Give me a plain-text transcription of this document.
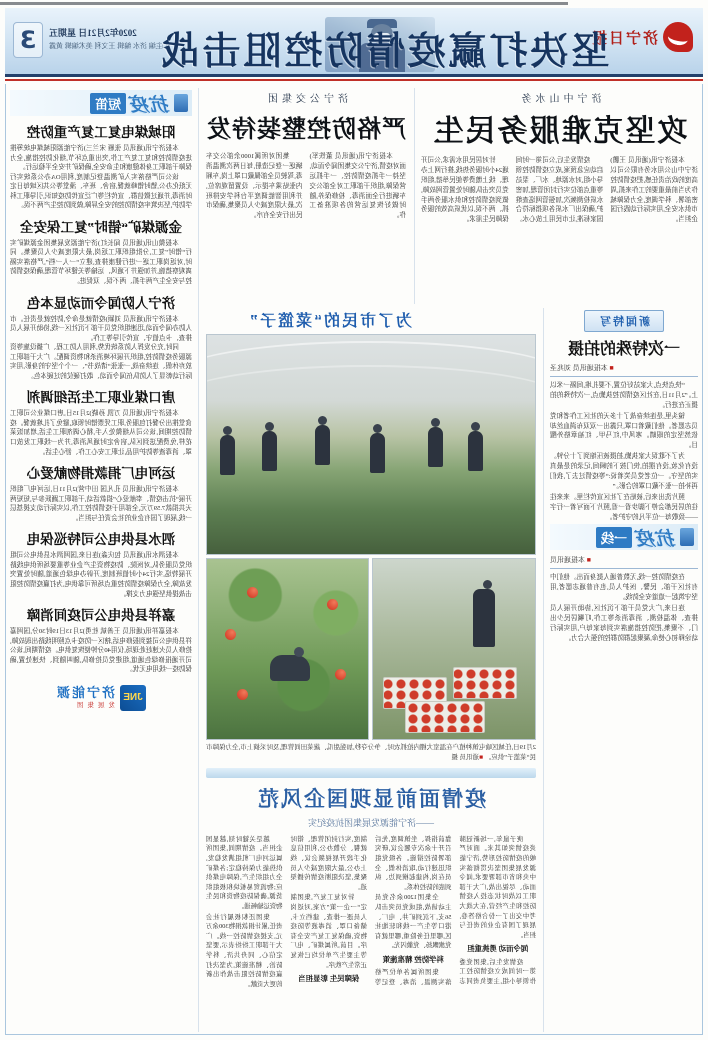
济宁日报
坚决打赢疫情防控阻击战
2020年2月21日 星期五
□主编 济水 编辑 王文利 美术编辑 黄露
3
济宁中山水务
攻坚克难服务民生

本报济宁讯(通讯员 王鹏)济宁中山公用水务有限公司以高度的政治责任感,把疫情防控作为当前最重要的工作来抓,周密部署、科学调度,全力保障城市供水安全,用实际行动践行国企担当。

疫情发生后,公司第一时间启动应急预案,成立疫情防控领导小组,对水源地、水厂、泵站等重点部位实行封闭管理,加密水质检测频次,加强管网巡查维护,确保出厂水质各项指标符合国家标准,让市民用上放心水。

针对居民用水需求,公司开通24小时服务热线,推行网上办理、线上缴费等便民举措,组织党员突击队随时处置管网故障,做到疫情防控和供水服务两手抓、两不误,以优质高效的服务保障民生需求。

济宁公交集团
严格防控整装待发

本报济宁讯(通讯员 董铁军)面对疫情,济宁公交集团闻令而动,坚持一手抓疫情防控、一手抓运营保障,组织干部职工对全部公交车辆进行全面消毒、检修保养,随时做好恢复运营的各项准备工作。

集团对所属1000余部公交车辆逐一登记造册,每日两次测温消毒,驾驶员全部佩戴口罩上岗,车厢内张贴乘车提示、设置留观席位,并利用智能调度平台科学安排班次,最大限度减少人员聚集,确保市民出行安全有序。

新闻特写
一次特殊的拍摄
■ 本报通讯员 刘兆圣

“快点快点,大家站好位置,不要扎堆,间隔一米以上。”2月11日,在社区疫情防控执勤点,一次特殊的拍摄正在进行。

镜头里,是连续奋战了十多天的社区工作者和党员志愿者。他们戴着口罩,只露出一双双布满血丝却依然坚定的眼睛。寒风中,红马甲、红袖章格外醒目。

为了不耽误大家执勤,拍摄被压缩到了十分钟。没有化妆,没有摆拍,快门按下的瞬间,记录的是最真实的坚守。一位老党员笑着说:“等疫情过去了,我们再补拍一张不戴口罩的合影。”

照片洗出来后,被贴在了社区宣传栏里。来来往往的居民都会停下脚步看一看,照片下面写着一行字——致敬每一位平凡的守护者。

抗疫
一线
■ 本报通讯员

在疫情防控一线,无数普通人挺身而出。他们中有社区干部、民警、医护人员,也有普通志愿者,用坚守筑起一道道安全防线。

连日来,广大党员干部下沉社区,协助开展人员排查、体温检测、消毒消杀等工作,叮嘱居民少出门、不聚集,把防控措施落实到每家每户,用实际行动诠释初心使命,凝聚起群防群控的强大合力。

为了市民的“菜篮子”
2月19日,任城区喻屯镇种植户在温室大棚内抢抓农时、争分夺秒,加强甜瓜、蔬菜田间管理,及时采摘上市,全力保障市民“菜篮子”供应。 ■通讯员 摄
疫情面前显现国企风范
——济宁能源发展集团抗疫纪实

庚子鼠年,一场新冠肺炎疫情突如其来。面对严峻的疫情防控形势,济宁能源发展集团坚决贯彻落实中央和省市部署要求,闻令而动、尽锐出战,广大干部职工以战时状态投入疫情防控和生产经营,在大战大考中交出了一份合格答卷,展现了国有企业的责任与担当。

闻令而动 勇挑重担

疫情发生后,集团党委第一时间成立疫情防控工作领导小组,主要负责同志靠前指挥、坐镇调度,先后召开十余次专题会议,研究部署防控措施。各级党组织迅速行动,取消休假、全员在岗,构建起横到边、纵到底的防控体系。

全集团1200余名党员主动请战,组成党员突击队56支,下沉到矿井、电厂、港口等生产一线和驻地社区,哪里任务险重,哪里就有党旗飘扬、党徽闪光。

科学防控 精准施策

集团所属各单位严格落实测温、消毒、登记等制度,实行封闭管理、错时就餐、分散办公,利用信息化手段开展视频会议、线上办公,最大限度减少人员聚集,坚决阻断疫情传播渠道。

针对复工复产,集团制定“一企一策”方案,对返岗人员逐一排查、建档立卡,储备口罩、消毒液等防疫物资,确保复工复产安全有序。目前,所属煤矿、电厂等主要生产单位均已恢复正常生产秩序。

保障民生 彰显担当

越是关键时刻,越显国企担当。疫情期间,集团所属运河电厂机组满发稳发,供热能力保持稳定;各煤矿全力组织生产,保障电煤供应;物流贸易板块积极组织货源,确保防疫物资和民生物资运输畅通。

集团还积极履行社会责任,累计捐款捐物300余万元,支援疫情防控一线。广大干部职工纷纷表示,要坚定信心、同舟共济、科学防治、精准施策,为坚决打赢疫情防控阻击战作出新的更大贡献。

抗疫
短笛
阳城煤电复工复产重防控

本报济宁讯(通讯员 张雁 宋兰三)济宁能源阳城煤电统筹推进疫情防控和复工复产工作,突出重点环节,细化防控措施,全力保障干部职工身体健康和生命安全,确保矿井安全平稳运行。

该公司严格落实入矿测温登记制度,利用OA办公系统实行无纸化办公,错时错峰就餐,宿舍、班车、澡堂等公共区域每日定时消毒,并通过微信群、宣传栏等广泛宣传防疫知识,引导职工科学防护,坚决筑牢疫情防控的安全屏障,做到防控生产两不误。

金源煤矿“错时”复工保安全

本报微山讯(通讯员 闻长红)济宁能源发展集团金源煤矿实行“错时”复工,分批组织职工返岗,最大限度减少人员聚集。同时,对返岗职工逐一进行健康排查,建立“一人一档”,严格落实隔离观察措施,并加强井下通风、运输等关键环节管理,确保疫情防控与安全生产两手抓、两不误、双促进。

济宁人防闻令而动显本色

本报济宁讯(通讯员 刘颖)疫情就是命令,防控就是责任。市人防办闻令而动,迅速组织党员干部下沉社区一线,协助开展人员排查、卡点值守、宣传引导等工作。

同时,充分发挥人防系统优势,利用人防工程、广播设施等资源服务疫情防控,组织开展环境消杀和物资调配。广大干部职工放弃休假、连续奋战,一张张“请战书”、一个个坚守的身影,用实际行动彰显了人防队伍闻令而动、敢打硬仗的过硬本色。

唐口煤业职工生活细调剂

本报济宁讯(通讯员 万凯 孙晓)2月15日,唐口煤业公司职工食堂推出分餐打包服务,职工凭票错时领取,避免了扎堆就餐。疫情防控期间,该公司从细微处入手,精心调剂职工生活,增加饭菜花样,免费配送到区队,宿舍定时通风消毒,并为一线职工发放口罩、消毒液等防护用品,让职工安心工作、舒心生活。

运河电厂捐款捐物献爱心

本报济宁讯(通讯员 孔凡国 田中营)2月11日,运河电厂组织开展“抗击疫情、奉献爱心”捐款活动,干部职工踊跃参与,短短两天共捐款7.59万元,全部用于疫情防控工作,以实际行动支援基层一线,展现了国有企业的社会责任与担当。

泗水县供电公司特巡保电

本报泗水讯(通讯员 包庆淼)连日来,国网泗水县供电公司组织党员服务队,对医院、防疫物资生产企业等重要场所供电线路开展特巡,实行24小时值班制度,开辟办电绿色通道,随时处置突发故障,全力保障疫情防控重点场所可靠供电,为打赢疫情防控阻击战提供坚强电力支撑。

嘉祥县供电公司疫间消障

本报嘉祥讯(通讯员 王善斌 杜勇)2月13日19时30分,国网嘉祥县供电公司接到报修电话,辖区一防疫卡点照明线路出现故障,抢修人员火速赶赴现场,仅用40分钟便恢复供电。疫情期间,该公司开通报修绿色通道,组建党员抢修队,随叫随到、快速处置,确保防疫一线用电无忧。

JNE
济宁能源
发展集团
